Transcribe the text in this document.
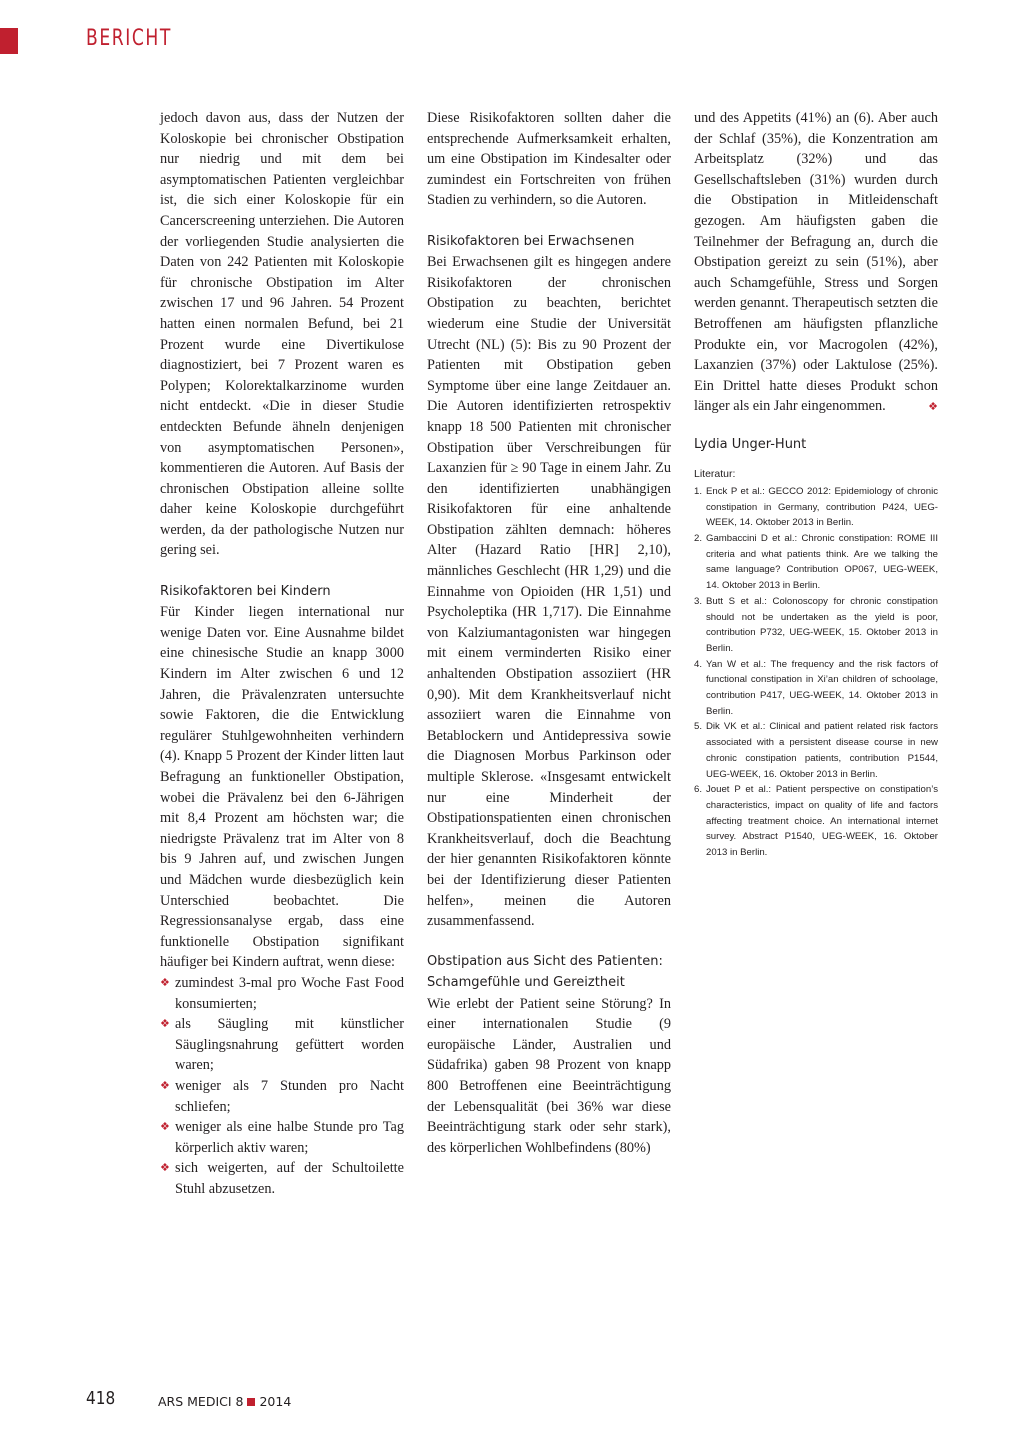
BERICHT

jedoch davon aus, dass der Nutzen der Koloskopie bei chronischer Obstipation nur niedrig und mit dem bei asymptomatischen Patienten vergleichbar ist, die sich einer Koloskopie für ein Cancerscreening unterziehen. Die Autoren der vorliegenden Studie analysierten die Daten von 242 Patienten mit Koloskopie für chronische Obstipation im Alter zwischen 17 und 96 Jahren. 54 Prozent hatten einen normalen Befund, bei 21 Prozent wurde eine Divertikulose diagnostiziert, bei 7 Prozent waren es Polypen; Kolorektalkarzinome wurden nicht entdeckt. «Die in dieser Studie entdeckten Befunde ähneln denjenigen von asymptomatischen Personen», kommentieren die Autoren. Auf Basis der chronischen Obstipation alleine sollte daher keine Koloskopie durchgeführt werden, da der pathologische Nutzen nur gering sei.

Risikofaktoren bei Kindern

Für Kinder liegen international nur wenige Daten vor. Eine Ausnahme bildet eine chinesische Studie an knapp 3000 Kindern im Alter zwischen 6 und 12 Jahren, die Prävalenzraten untersuchte sowie Faktoren, die die Entwicklung regulärer Stuhlgewohnheiten verhindern (4). Knapp 5 Prozent der Kinder litten laut Befragung an funktioneller Obstipation, wobei die Prävalenz bei den 6-Jährigen mit 8,4 Prozent am höchsten war; die niedrigste Prävalenz trat im Alter von 8 bis 9 Jahren auf, und zwischen Jungen und Mädchen wurde diesbezüglich kein Unterschied beobachtet. Die Regressionsanalyse ergab, dass eine funktionelle Obstipation signifikant häufiger bei Kindern auftrat, wenn diese:

❖ zumindest 3-mal pro Woche Fast Food konsumierten;
❖ als Säugling mit künstlicher Säuglingsnahrung gefüttert worden waren;
❖ weniger als 7 Stunden pro Nacht schliefen;
❖ weniger als eine halbe Stunde pro Tag körperlich aktiv waren;
❖ sich weigerten, auf der Schultoilette Stuhl abzusetzen.

Diese Risikofaktoren sollten daher die entsprechende Aufmerksamkeit erhalten, um eine Obstipation im Kindesalter oder zumindest ein Fortschreiten von frühen Stadien zu verhindern, so die Autoren.

Risikofaktoren bei Erwachsenen

Bei Erwachsenen gilt es hingegen andere Risikofaktoren der chronischen Obstipation zu beachten, berichtet wiederum eine Studie der Universität Utrecht (NL) (5): Bis zu 90 Prozent der Patienten mit Obstipation geben Symptome über eine lange Zeitdauer an. Die Autoren identifizierten retrospektiv knapp 18 500 Patienten mit chronischer Obstipation über Verschreibungen für Laxanzien für ≥ 90 Tage in einem Jahr. Zu den identifizierten unabhängigen Risikofaktoren für eine anhaltende Obstipation zählten demnach: höheres Alter (Hazard Ratio [HR] 2,10), männliches Geschlecht (HR 1,29) und die Einnahme von Opioiden (HR 1,51) und Psycholeptika (HR 1,717). Die Einnahme von Kalziumantagonisten war hingegen mit einem verminderten Risiko einer anhaltenden Obstipation assoziiert (HR 0,90). Mit dem Krankheitsverlauf nicht assoziiert waren die Einnahme von Betablockern und Antidepressiva sowie die Diagnosen Morbus Parkinson oder multiple Sklerose. «Insgesamt entwickelt nur eine Minderheit der Obstipationspatienten einen chronischen Krankheitsverlauf, doch die Beachtung der hier genannten Risikofaktoren könnte bei der Identifizierung dieser Patienten helfen», meinen die Autoren zusammenfassend.

Obstipation aus Sicht des Patienten: Schamgefühle und Gereiztheit

Wie erlebt der Patient seine Störung? In einer internationalen Studie (9 europäische Länder, Australien und Südafrika) gaben 98 Prozent von knapp 800 Betroffenen eine Beeinträchtigung der Lebensqualität (bei 36% war diese Beeinträchtigung stark oder sehr stark), des körperlichen Wohlbefindens (80%)

und des Appetits (41%) an (6). Aber auch der Schlaf (35%), die Konzentration am Arbeitsplatz (32%) und das Gesellschaftsleben (31%) wurden durch die Obstipation in Mitleidenschaft gezogen. Am häufigsten gaben die Teilnehmer der Befragung an, durch die Obstipation gereizt zu sein (51%), aber auch Schamgefühle, Stress und Sorgen werden genannt. Therapeutisch setzten die Betroffenen am häufigsten pflanzliche Produkte ein, vor Macrogolen (42%), Laxanzien (37%) oder Laktulose (25%). Ein Drittel hatte dieses Produkt schon länger als ein Jahr eingenommen.	❖

Lydia Unger-Hunt
Literatur:
1. Enck P et al.: GECCO 2012: Epidemiology of chronic constipation in Germany, contribution P424, UEG-WEEK, 14. Oktober 2013 in Berlin.
2. Gambaccini D et al.: Chronic constipation: ROME III criteria and what patients think. Are we talking the same language? Contribution OP067, UEG-WEEK, 14. Oktober 2013 in Berlin.
3. Butt S et al.: Colonoscopy for chronic constipation should not be undertaken as the yield is poor, contribution P732, UEG-WEEK, 15. Oktober 2013 in Berlin.
4. Yan W et al.: The frequency and the risk factors of functional constipation in Xi’an children of schoolage, contribution P417, UEG-WEEK, 14. Oktober 2013 in Berlin.
5. Dik VK et al.: Clinical and patient related risk factors associated with a persistent disease course in new chronic constipation patients, contribution P1544, UEG-WEEK, 16. Oktober 2013 in Berlin.
6. Jouet P et al.: Patient perspective on constipation’s characteristics, impact on quality of life and factors affecting treatment choice. An international internet survey. Abstract P1540, UEG-WEEK, 16. Oktober 2013 in Berlin.
418	ARS MEDICI 8 2014
